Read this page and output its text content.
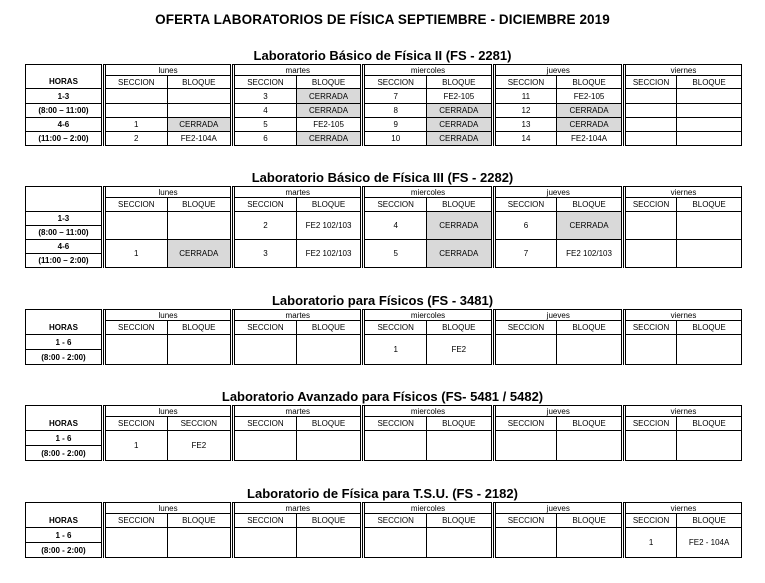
OFERTA LABORATORIOS DE FÍSICA SEPTIEMBRE - DICIEMBRE 2019
Laboratorio Básico de Física II (FS - 2281)
		lunes			martes			miercoles			jueves			viernes	
HORAS		SECCION	BLOQUE		SECCION	BLOQUE		SECCION	BLOQUE		SECCION	BLOQUE		SECCION	BLOQUE
1-3					3	CERRADA		7	FE2-105		11	FE2-105			
(8:00 – 11:00)					4	CERRADA		8	CERRADA		12	CERRADA			
4-6		1	CERRADA		5	FE2-105		9	CERRADA		13	CERRADA			
(11:00 – 2:00)		2	FE2-104A		6	CERRADA		10	CERRADA		14	FE2-104A			
Laboratorio Básico de Física III (FS - 2282)
		lunes			martes			miercoles			jueves			viernes	
		SECCION	BLOQUE		SECCION	BLOQUE		SECCION	BLOQUE		SECCION	BLOQUE		SECCION	BLOQUE
1-3					2	FE2 102/103		4	CERRADA		6	CERRADA			
(8:00 – 11:00)															
4-6		1	CERRADA		3	FE2 102/103		5	CERRADA		7	FE2 102/103			
(11:00 – 2:00)															
Laboratorio para Físicos (FS - 3481)
		lunes			martes			miercoles			jueves			viernes	
HORAS		SECCION	BLOQUE		SECCION	BLOQUE		SECCION	BLOQUE		SECCION	BLOQUE		SECCION	BLOQUE
1 - 6								1	FE2						
(8:00 - 2:00)															
Laboratorio Avanzado para Físicos (FS- 5481 / 5482)
		lunes			martes			miercoles			jueves			viernes	
HORAS		SECCION	SECCION		SECCION	BLOQUE		SECCION	BLOQUE		SECCION	BLOQUE		SECCION	BLOQUE
1 - 6		1	FE2												
(8:00 - 2:00)															
Laboratorio de Física para T.S.U. (FS - 2182)
		lunes			martes			miercoles			jueves			viernes	
HORAS		SECCION	BLOQUE		SECCION	BLOQUE		SECCION	BLOQUE		SECCION	BLOQUE		SECCION	BLOQUE
1 - 6														1	FE2 - 104A
(8:00 - 2:00)															
